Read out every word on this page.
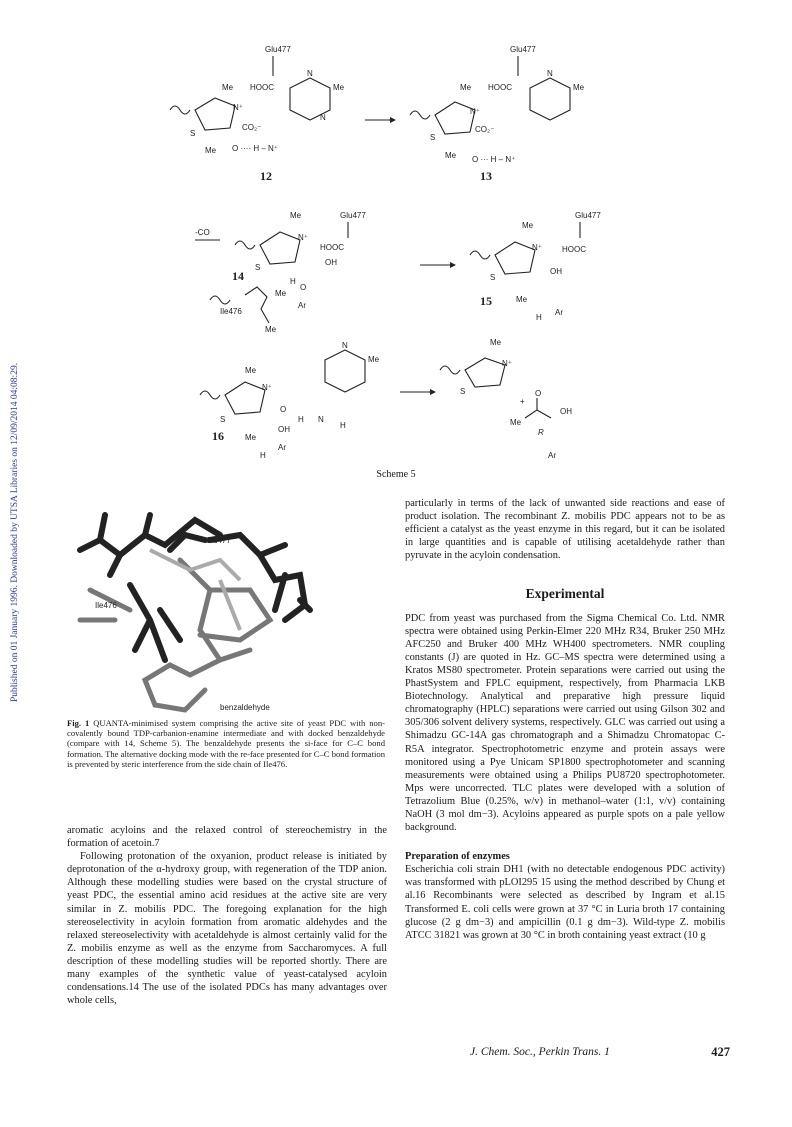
Published on 01 January 1996. Downloaded by UTSA Libraries on 12/09/2014 04:08:29.
Glu477
Me HOOC
N⁺
S
CO₂⁻
Me O ···· H – N⁺
N
Me
N
12
Glu477
Me HOOC
N⁺
S
CO₂⁻
Me O ··· H – N⁺
N
Me
13
-CO
Glu477
Me
N⁺
S
HOOC
OH
H
Me
O
Ar
14
Ile476
Me
Glu477
Me
N⁺
S
HOOC
OH
Me
H
Ar
15
Me
N⁺
S
N
Me
O
H N
H
OH
Me
H
Ar
16
Me
N⁺
S
+
O
Me
OH
R
Ar
Scheme 5
Glu477
Ile476
benzaldehyde
Fig. 1 QUANTA-minimised system comprising the active site of yeast PDC with non-covalently bound TDP-carbanion-enamine intermediate and with docked benzaldehyde (compare with 14, Scheme 5). The benzaldehyde presents the si-face for C–C bond formation. The alternative docking mode with the re-face presented for C–C bond formation is prevented by steric interference from the side chain of Ile476.

aromatic acyloins and the relaxed control of stereochemistry in the formation of acetoin.7

Following protonation of the oxyanion, product release is initiated by deprotonation of the α-hydroxy group, with regeneration of the TDP anion. Although these modelling studies were based on the crystal structure of yeast PDC, the essential amino acid residues at the active site are very similar in Z. mobilis PDC. The foregoing explanation for the high stereoselectivity in acyloin formation from aromatic aldehydes and the relaxed stereoselectivity with acetaldehyde is almost certainly valid for the Z. mobilis enzyme as well as the enzyme from Saccharomyces. A full description of these modelling studies will be reported shortly. There are many examples of the synthetic value of yeast-catalysed acyloin condensations.14 The use of the isolated PDCs has many advantages over whole cells,

particularly in terms of the lack of unwanted side reactions and ease of product isolation. The recombinant Z. mobilis PDC appears not to be as efficient a catalyst as the yeast enzyme in this regard, but it can be isolated in large quantities and is capable of utilising acetaldehyde rather than pyruvate in the acyloin condensation.

Experimental

PDC from yeast was purchased from the Sigma Chemical Co. Ltd. NMR spectra were obtained using Perkin-Elmer 220 MHz R34, Bruker 250 MHz AFC250 and Bruker 400 MHz WH400 spectrometers. NMR coupling constants (J) are quoted in Hz. GC–MS spectra were determined using a Kratos MS80 spectrometer. Protein separations were carried out using the PhastSystem and FPLC equipment, respectively, from Pharmacia LKB Biotechnology. Analytical and preparative high pressure liquid chromatography (HPLC) separations were carried out using Gilson 302 and 305/306 solvent delivery systems, respectively. GLC was carried out using a Shimadzu GC-14A gas chromatograph and a Shimadzu Chromatopac C-R5A integrator. Spectrophotometric enzyme and protein assays were monitored using a Pye Unicam SP1800 spectrophotometer and scanning measurements were obtained using a Philips PU8720 spectrophotometer. Mps were uncorrected. TLC plates were developed with a solution of Tetrazolium Blue (0.25%, w/v) in methanol–water (1:1, v/v) containing NaOH (3 mol dm−3). Acyloins appeared as purple spots on a pale yellow background.

Preparation of enzymes

Escherichia coli strain DH1 (with no detectable endogenous PDC activity) was transformed with pLOI295 15 using the method described by Chung et al.16 Recombinants were selected as described by Ingram et al.15 Transformed E. coli cells were grown at 37 °C in Luria broth 17 containing glucose (2 g dm−3) and ampicillin (0.1 g dm−3). Wild-type Z. mobilis ATCC 31821 was grown at 30 °C in broth containing yeast extract (10 g

J. Chem. Soc., Perkin Trans. 1	427
